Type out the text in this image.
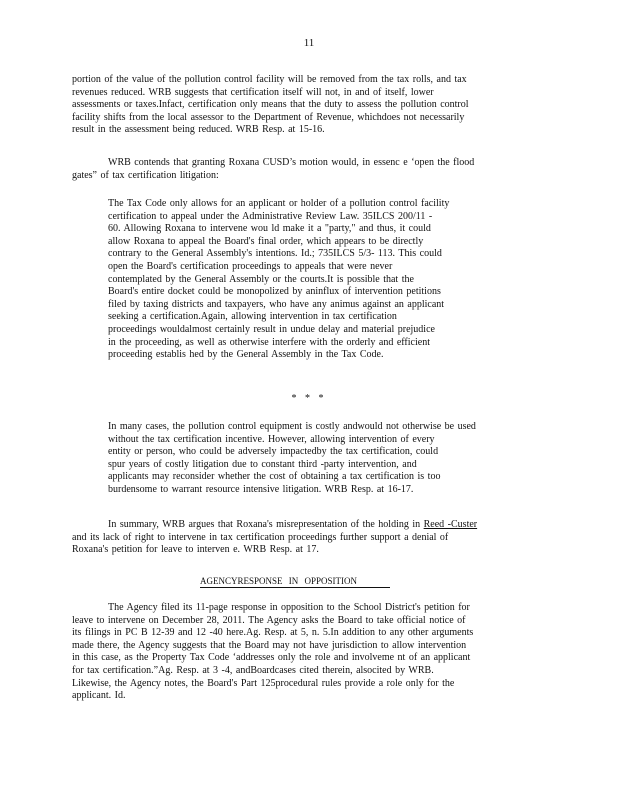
11

portion of the value of the pollution control facility will be removed from the tax rolls, and tax
revenues reduced. WRB suggests that certification itself will not, in and of itself, lower
assessments or taxes.Infact, certification only means that the duty to assess the pollution control
facility shifts from the local assessor to the Department of Revenue, whichdoes not necessarily
result in the assessment being reduced. WRB Resp. at 15-16.

WRB contends that granting Roxana CUSD’s motion would, in essenc e ‘open the flood
gates” of tax certification litigation:

The Tax Code only allows for an applicant or holder of a pollution control facility
certification to appeal under the Administrative Review Law. 35ILCS 200/11 -
60. Allowing Roxana to intervene wou ld make it a "party," and thus, it could
allow Roxana to appeal the Board's final order, which appears to be directly
contrary to the General Assembly's intentions. Id.; 735ILCS 5/3- 113. This could
open the Board's certification proceedings to appeals that were never
contemplated by the General Assembly or the courts.It is possible that the
Board's entire docket could be monopolized by aninflux of intervention petitions
filed by taxing districts and taxpayers, who have any animus against an applicant
seeking a certification.Again, allowing intervention in tax certification
proceedings wouldalmost certainly result in undue delay and material prejudice
in the proceeding, as well as otherwise interfere with the orderly and efficient
proceeding establis hed by the General Assembly in the Tax Code.

* * *

In many cases, the pollution control equipment is costly andwould not otherwise be used
without the tax certification incentive. However, allowing intervention of every
entity or person, who could be adversely impactedby the tax certification, could
spur years of costly litigation due to constant third -party intervention, and
applicants may reconsider whether the cost of obtaining a tax certification is too
burdensome to warrant resource intensive litigation. WRB Resp. at 16-17.

In summary, WRB argues that Roxana's misrepresentation of the holding in Reed -Custer
and its lack of right to intervene in tax certification proceedings further support a denial of
Roxana's petition for leave to interven e. WRB Resp. at 17.

AGENCYRESPONSE IN OPPOSITION

The Agency filed its 11-page response in opposition to the School District's petition for
leave to intervene on December 28, 2011. The Agency asks the Board to take official notice of
its filings in PC B 12-39 and 12 -40 here.Ag. Resp. at 5, n. 5.In addition to any other arguments
made there, the Agency suggests that the Board may not have jurisdiction to allow intervention
in this case, as the Property Tax Code ‘addresses only the role and involveme nt of an applicant
for tax certification.”Ag. Resp. at 3 -4, andBoardcases cited therein, alsocited by WRB.
Likewise, the Agency notes, the Board's Part 125procedural rules provide a role only for the
applicant. Id.
